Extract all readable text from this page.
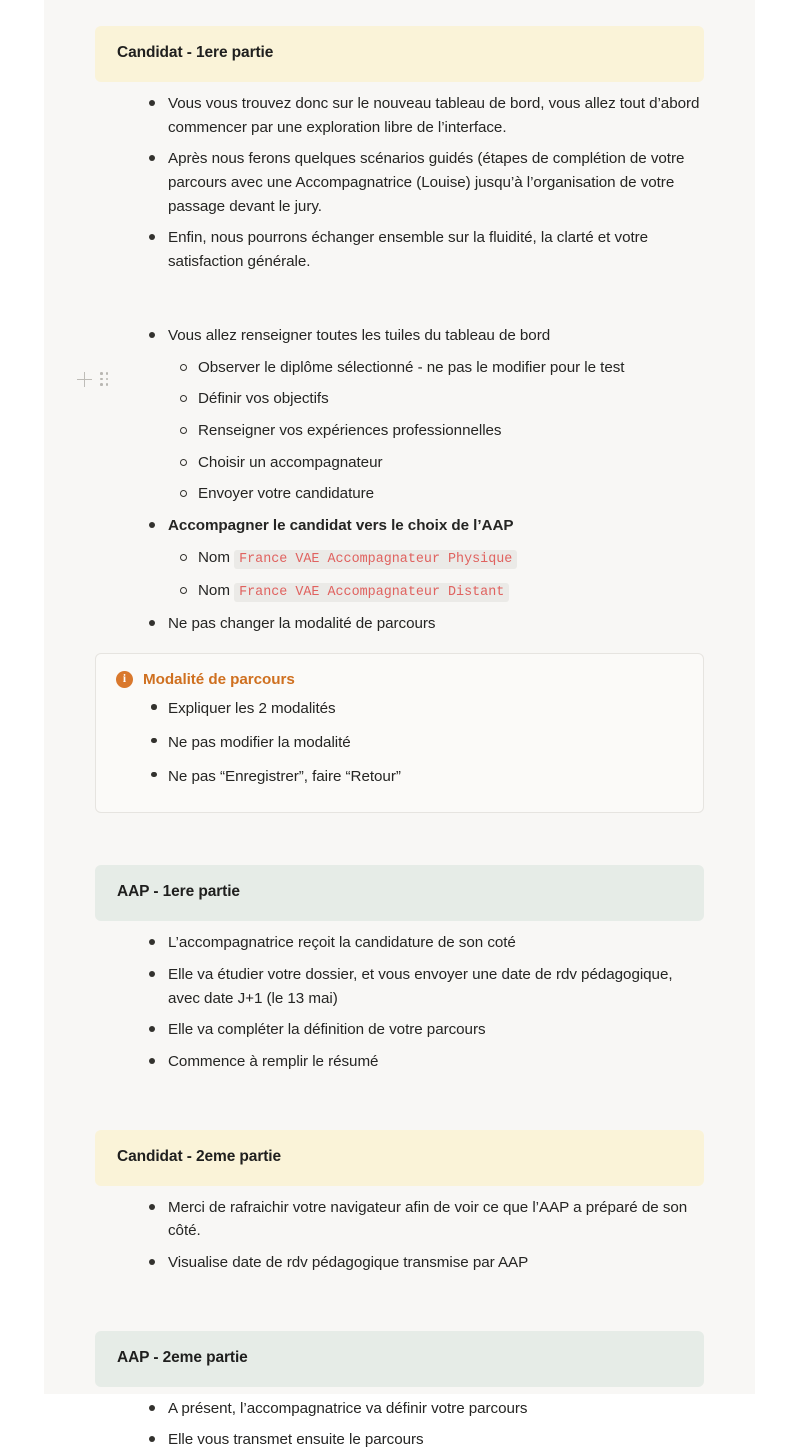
Candidat - 1ere partie
Vous vous trouvez donc sur le nouveau tableau de bord, vous allez tout d’abord commencer par une exploration libre de l’interface.
Après nous ferons quelques scénarios guidés (étapes de complétion de votre parcours avec une Accompagnatrice (Louise) jusqu’à l’organisation de votre passage devant le jury.
Enfin, nous pourrons échanger ensemble sur la fluidité, la clarté et votre satisfaction générale.
Vous allez renseigner toutes les tuiles du tableau de bord
Observer le diplôme sélectionné - ne pas le modifier pour le test
Définir vos objectifs
Renseigner vos expériences professionnelles
Choisir un accompagnateur
Envoyer votre candidature
Accompagner le candidat vers le choix de l’AAP
Nom France VAE Accompagnateur Physique
Nom France VAE Accompagnateur Distant
Ne pas changer la modalité de parcours
i	Modalité de parcours
Expliquer les 2 modalités
Ne pas modifier la modalité
Ne pas “Enregistrer”, faire “Retour”
AAP - 1ere partie
L’accompagnatrice reçoit la candidature de son coté
Elle va étudier votre dossier, et vous envoyer une date de rdv pédagogique, avec date J+1 (le 13 mai)
Elle va compléter la définition de votre parcours
Commence à remplir le résumé
Candidat - 2eme partie
Merci de rafraichir votre navigateur afin de voir ce que l’AAP a préparé de son côté.
Visualise date de rdv pédagogique transmise par AAP
AAP - 2eme partie
A présent, l’accompagnatrice va définir votre parcours
Elle vous transmet ensuite le parcours
